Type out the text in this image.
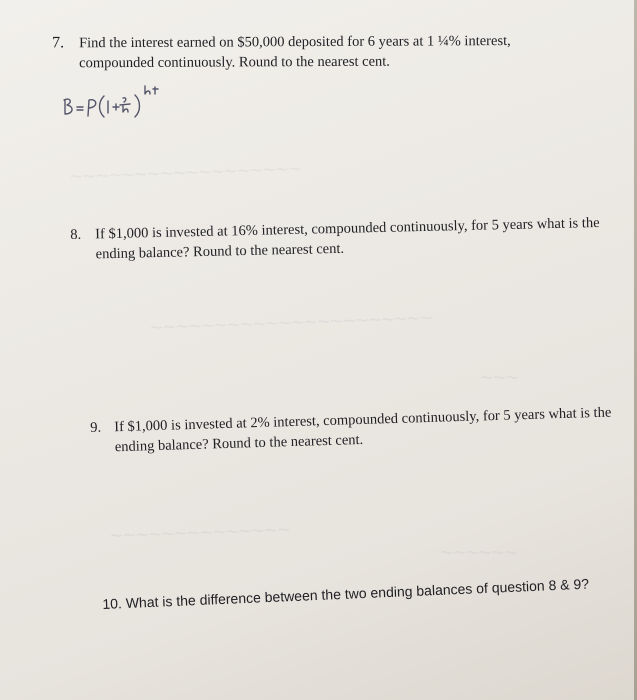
~~~~~~~~~~~~~~~~~~
~~~~~~~~~~~~~~~~~~~~~~
~~~
~~~~~~~~~~~~~~
~~~~~~
7. Find the interest earned on $50,000 deposited for 6 years at 1 ¼% interest, compounded continuously. Round to the nearest cent.
8. If $1,000 is invested at 16% interest, compounded continuously, for 5 years what is the ending balance? Round to the nearest cent.
9. If $1,000 is invested at 2% interest, compounded continuously, for 5 years what is the ending balance? Round to the nearest cent.
10. What is the difference between the two ending balances of question 8 & 9?
